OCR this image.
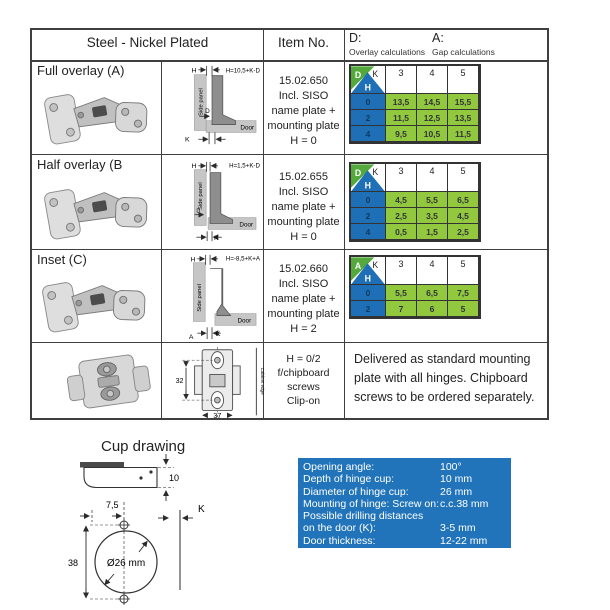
Steel - Nickel Plated	Item No.	D:
Overlay calculations
A:
Gap calculations
Full overlay (A)	H	H=10,5+K-D
Side panel D
K
Door
15.02.650
Incl. SISO
name plate +
mounting plate
H = 0
D K
H
3	4	5
0	13,5	14,5	15,5
2	11,5	12,5	13,5
4	9,5	10,5	11,5
Half overlay (B	H	H=1,5+K-D
Side panel
D
K
Door
15.02.655
Incl. SISO
name plate +
mounting plate
H = 0
D K
H
3	4	5
0	4,5	5,5	6,5
2	2,5	3,5	4,5
4	0,5	1,5	2,5
Inset (C)	H	H=-8,5+K+A
Side panel
A	K
Door
15.02.660
Incl. SISO
name plate +
mounting plate
H = 2
A K
H
3	4	5
0	5,5	6,5	7,5
2	7	6	5
32
37
Cabinet edge
H = 0/2
f/chipboard
screws
Clip-on
Delivered as standard mounting
plate with all hinges. Chipboard
screws to be ordered separately.
Cup drawing
10
7,5	K
38	Ø26 mm
Opening angle:	100°
Depth of hinge cup:	10 mm
Diameter of hinge cup:	26 mm
Mounting of hinge: Screw on: c.c.38 mm
Possible drilling distances
on the door (K):	3-5 mm
Door thickness:	12-22 mm
